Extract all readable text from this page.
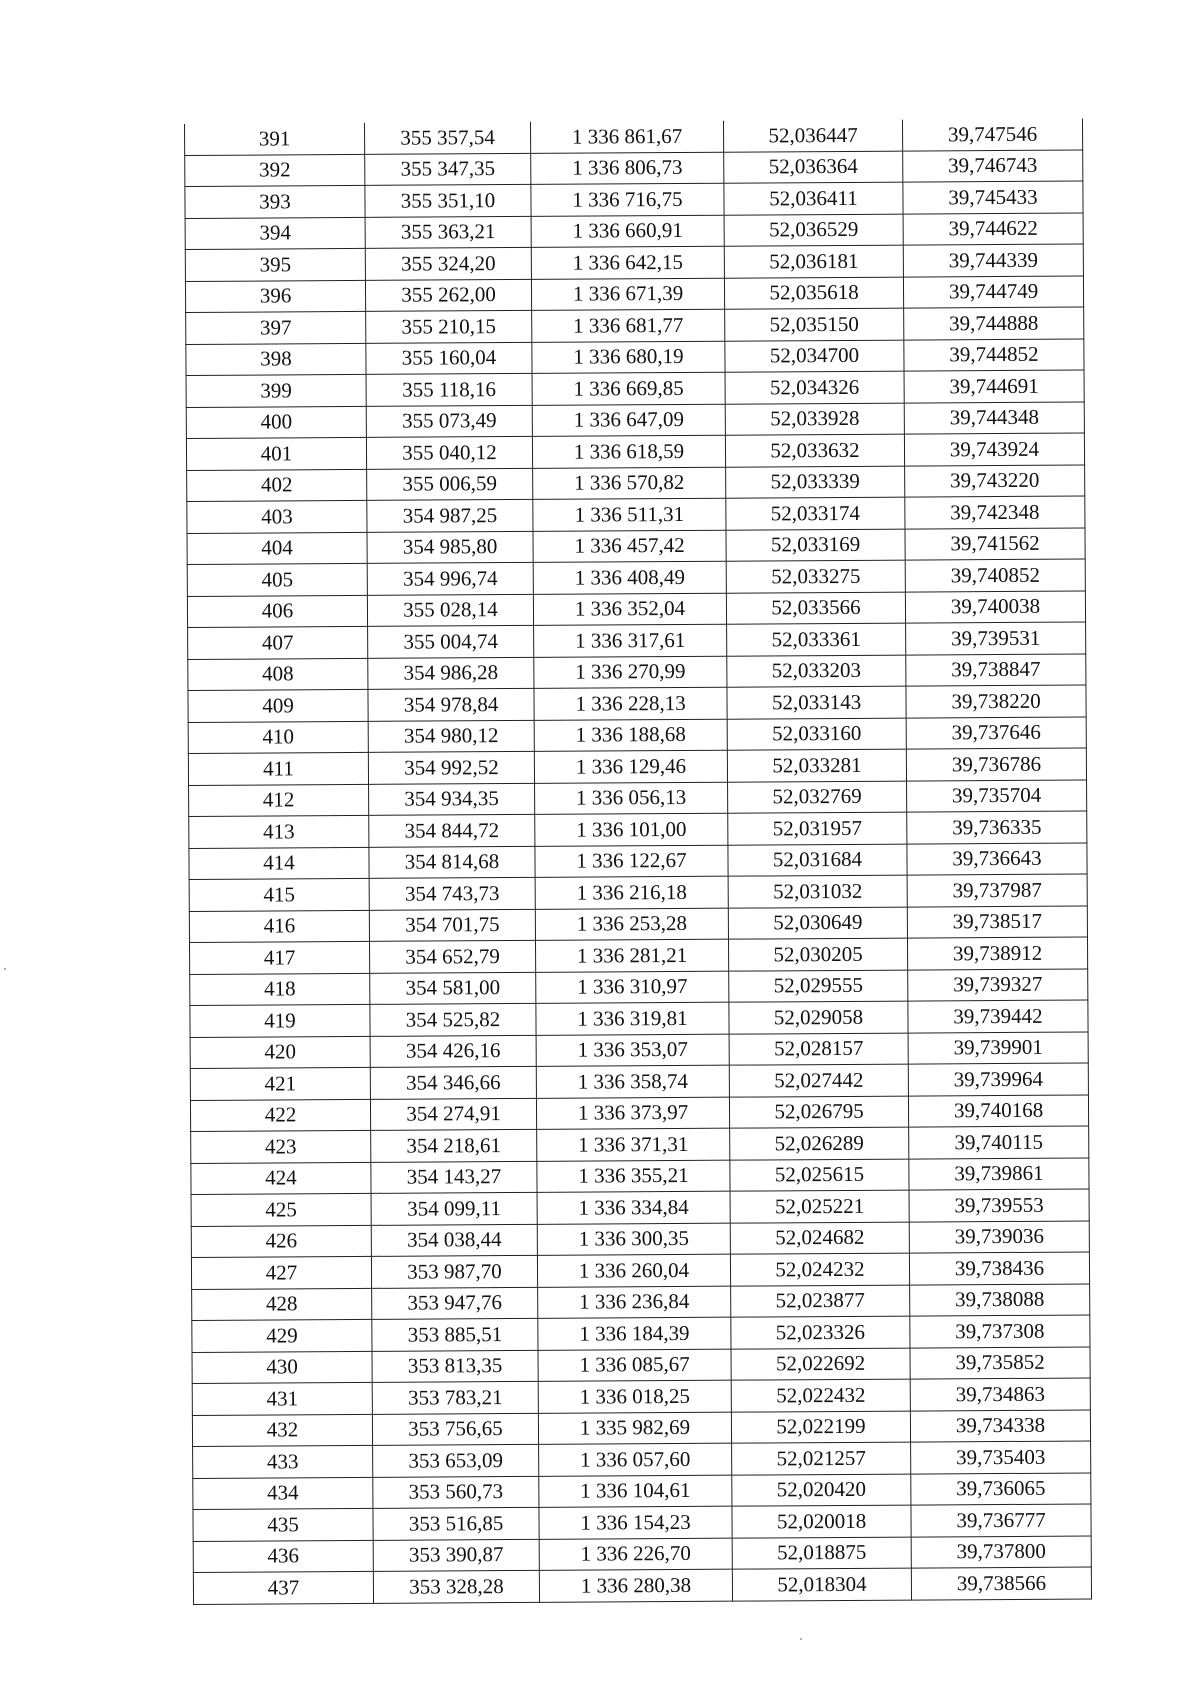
391	355 357,54	1 336 861,67	52,036447	39,747546
392	355 347,35	1 336 806,73	52,036364	39,746743
393	355 351,10	1 336 716,75	52,036411	39,745433
394	355 363,21	1 336 660,91	52,036529	39,744622
395	355 324,20	1 336 642,15	52,036181	39,744339
396	355 262,00	1 336 671,39	52,035618	39,744749
397	355 210,15	1 336 681,77	52,035150	39,744888
398	355 160,04	1 336 680,19	52,034700	39,744852
399	355 118,16	1 336 669,85	52,034326	39,744691
400	355 073,49	1 336 647,09	52,033928	39,744348
401	355 040,12	1 336 618,59	52,033632	39,743924
402	355 006,59	1 336 570,82	52,033339	39,743220
403	354 987,25	1 336 511,31	52,033174	39,742348
404	354 985,80	1 336 457,42	52,033169	39,741562
405	354 996,74	1 336 408,49	52,033275	39,740852
406	355 028,14	1 336 352,04	52,033566	39,740038
407	355 004,74	1 336 317,61	52,033361	39,739531
408	354 986,28	1 336 270,99	52,033203	39,738847
409	354 978,84	1 336 228,13	52,033143	39,738220
410	354 980,12	1 336 188,68	52,033160	39,737646
411	354 992,52	1 336 129,46	52,033281	39,736786
412	354 934,35	1 336 056,13	52,032769	39,735704
413	354 844,72	1 336 101,00	52,031957	39,736335
414	354 814,68	1 336 122,67	52,031684	39,736643
415	354 743,73	1 336 216,18	52,031032	39,737987
416	354 701,75	1 336 253,28	52,030649	39,738517
417	354 652,79	1 336 281,21	52,030205	39,738912
418	354 581,00	1 336 310,97	52,029555	39,739327
419	354 525,82	1 336 319,81	52,029058	39,739442
420	354 426,16	1 336 353,07	52,028157	39,739901
421	354 346,66	1 336 358,74	52,027442	39,739964
422	354 274,91	1 336 373,97	52,026795	39,740168
423	354 218,61	1 336 371,31	52,026289	39,740115
424	354 143,27	1 336 355,21	52,025615	39,739861
425	354 099,11	1 336 334,84	52,025221	39,739553
426	354 038,44	1 336 300,35	52,024682	39,739036
427	353 987,70	1 336 260,04	52,024232	39,738436
428	353 947,76	1 336 236,84	52,023877	39,738088
429	353 885,51	1 336 184,39	52,023326	39,737308
430	353 813,35	1 336 085,67	52,022692	39,735852
431	353 783,21	1 336 018,25	52,022432	39,734863
432	353 756,65	1 335 982,69	52,022199	39,734338
433	353 653,09	1 336 057,60	52,021257	39,735403
434	353 560,73	1 336 104,61	52,020420	39,736065
435	353 516,85	1 336 154,23	52,020018	39,736777
436	353 390,87	1 336 226,70	52,018875	39,737800
437	353 328,28	1 336 280,38	52,018304	39,738566
